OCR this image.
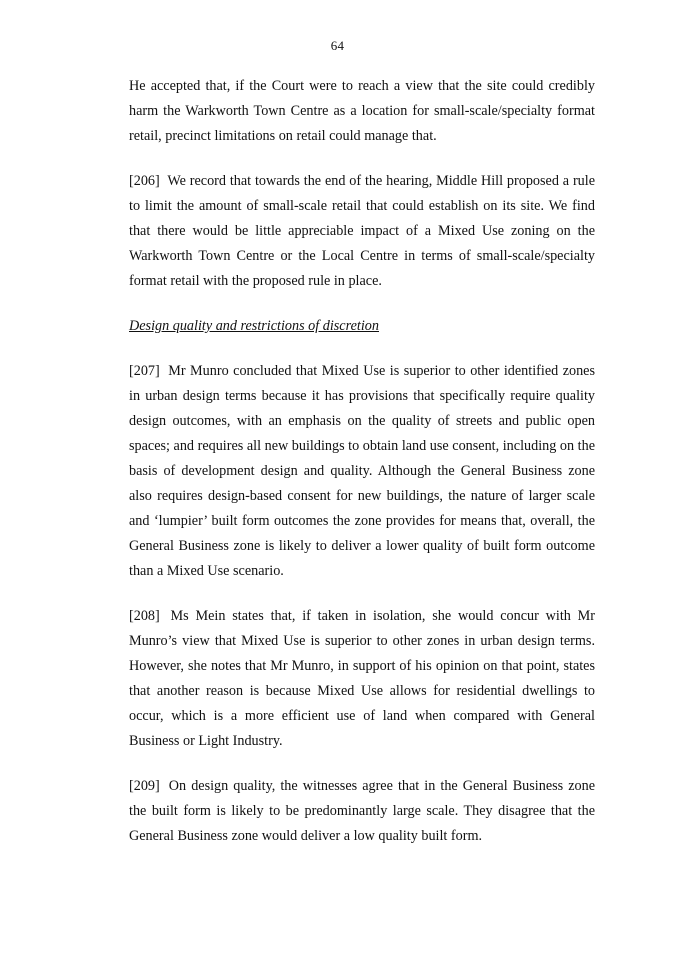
64

He accepted that, if the Court were to reach a view that the site could credibly harm the Warkworth Town Centre as a location for small-scale/specialty format retail, precinct limitations on retail could manage that.

[206] We record that towards the end of the hearing, Middle Hill proposed a rule to limit the amount of small-scale retail that could establish on its site. We find that there would be little appreciable impact of a Mixed Use zoning on the Warkworth Town Centre or the Local Centre in terms of small-scale/specialty format retail with the proposed rule in place.

Design quality and restrictions of discretion

[207] Mr Munro concluded that Mixed Use is superior to other identified zones in urban design terms because it has provisions that specifically require quality design outcomes, with an emphasis on the quality of streets and public open spaces; and requires all new buildings to obtain land use consent, including on the basis of development design and quality. Although the General Business zone also requires design-based consent for new buildings, the nature of larger scale and ‘lumpier’ built form outcomes the zone provides for means that, overall, the General Business zone is likely to deliver a lower quality of built form outcome than a Mixed Use scenario.

[208] Ms Mein states that, if taken in isolation, she would concur with Mr Munro’s view that Mixed Use is superior to other zones in urban design terms. However, she notes that Mr Munro, in support of his opinion on that point, states that another reason is because Mixed Use allows for residential dwellings to occur, which is a more efficient use of land when compared with General Business or Light Industry.

[209] On design quality, the witnesses agree that in the General Business zone the built form is likely to be predominantly large scale. They disagree that the General Business zone would deliver a low quality built form.
